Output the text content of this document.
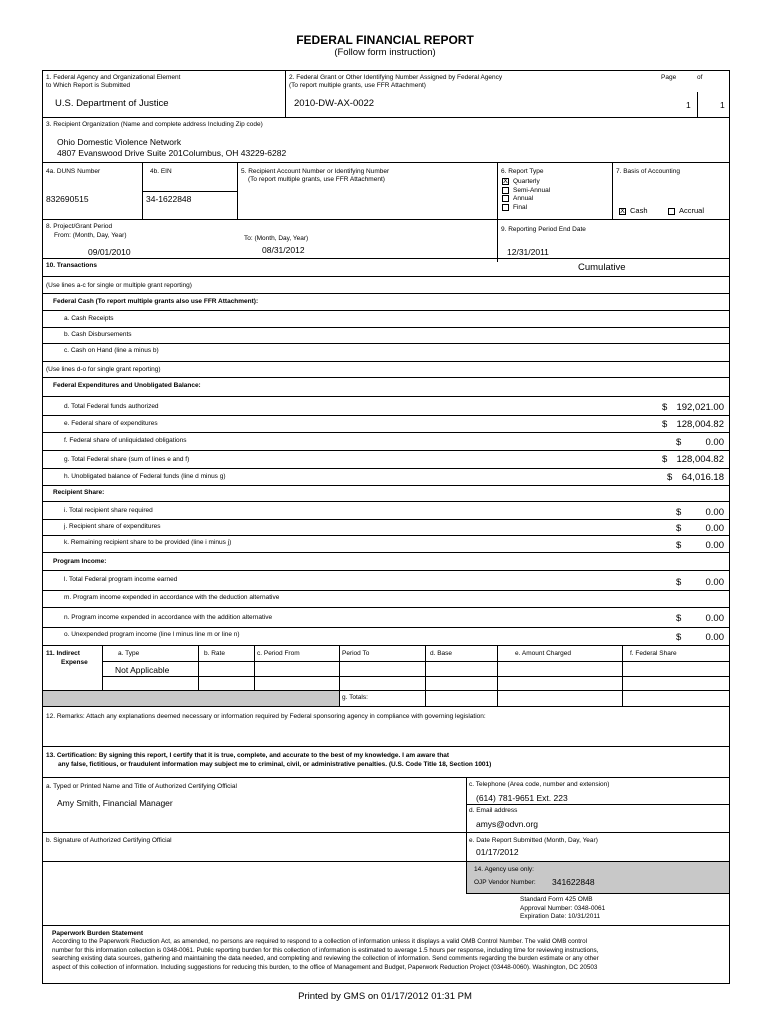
FEDERAL FINANCIAL REPORT
(Follow form instruction)
1. Federal Agency and Organizational Element
to Which Report is Submitted
U.S. Department of Justice
2. Federal Grant or Other Identifying Number Assigned by Federal Agency
(To report multiple grants, use FFR Attachment)
2010-DW-AX-0022
Page	of
1	1
3. Recipient Organization (Name and complete address Including Zip code)
Ohio Domestic Violence Network
4807 Evanswood Drive Suite 201Columbus, OH 43229-6282
4a. DUNS Number
832690515
4b. EIN
34-1622848
5. Recipient Account Number or Identifying Number
(To report multiple grants, use FFR Attachment)
6. Report Type
X Quarterly
Semi-Annual
Annual
Final
7. Basis of Accounting
X Cash	Accrual
8. Project/Grant Period
From: (Month, Day, Year)
09/01/2010
To: (Month, Day, Year)
08/31/2012
9. Reporting Period End Date
12/31/2011
10. Transactions	Cumulative
(Use lines a-c for single or multiple grant reporting)
Federal Cash (To report multiple grants also use FFR Attachment):
a. Cash Receipts
b. Cash Disbursements
c. Cash on Hand (line a minus b)
(Use lines d-o for single grant reporting)
Federal Expenditures and Unobligated Balance:
d. Total Federal funds authorized	$ 192,021.00
e. Federal share of expenditures	$ 128,004.82
f. Federal share of unliquidated obligations	$	0.00
g. Total Federal share (sum of lines e and f)	$ 128,004.82
h. Unobligated balance of Federal funds (line d minus g)	$ 64,016.18
Recipient Share:
i. Total recipient share required	$	0.00
j. Recipient share of expenditures	$	0.00
k. Remaining recipient share to be provided (line i minus j)	$	0.00
Program Income:
l. Total Federal program income earned	$	0.00
m. Program income expended in accordance with the deduction alternative
n. Program income expended in accordance with the addition alternative	$	0.00
o. Unexpended program income (line l minus line m or line n)	$	0.00
11. Indirect
Expense
a. Type	b. Rate	c. Period From	Period To	d. Base	e. Amount Charged	f. Federal Share
Not Applicable
g. Totals:
12. Remarks: Attach any explanations deemed necessary or information required by Federal sponsoring agency in compliance with governing legislation:
13. Certification: By signing this report, I certify that it is true, complete, and accurate to the best of my knowledge. I am aware that
any false, fictitious, or fraudulent information may subject me to criminal, civil, or administrative penalties. (U.S. Code Title 18, Section 1001)
a. Typed or Printed Name and Title of Authorized Certifying Official
Amy Smith, Financial Manager
c. Telephone (Area code, number and extension)
(614) 781-9651 Ext. 223
d. Email address
amys@odvn.org
b. Signature of Authorized Certifying Official	e. Date Report Submitted (Month, Day, Year)
01/17/2012
14. Agency use only:
OJP Vendor Number: 341622848
Standard Form 425 OMB
Approval Number: 0348-0061
Expiration Date: 10/31/2011
Paperwork Burden Statement
According to the Paperwork Reduction Act, as amended, no persons are required to respond to a collection of information unless it displays a valid OMB Control Number. The valid OMB control
number for this information collection is 0348-0061. Public reporting burden for this collection of information is estimated to average 1.5 hours per response, including time for reviewing instructions,
searching existing data sources, gathering and maintaining the data needed, and completing and reviewing the collection of information. Send comments regarding the burden estimate or any other
aspect of this collection of information. Including suggestions for reducing this burden, to the office of Management and Budget, Paperwork Reduction Project (03448-0060). Washington, DC 20503
Printed by GMS on 01/17/2012 01:31 PM
